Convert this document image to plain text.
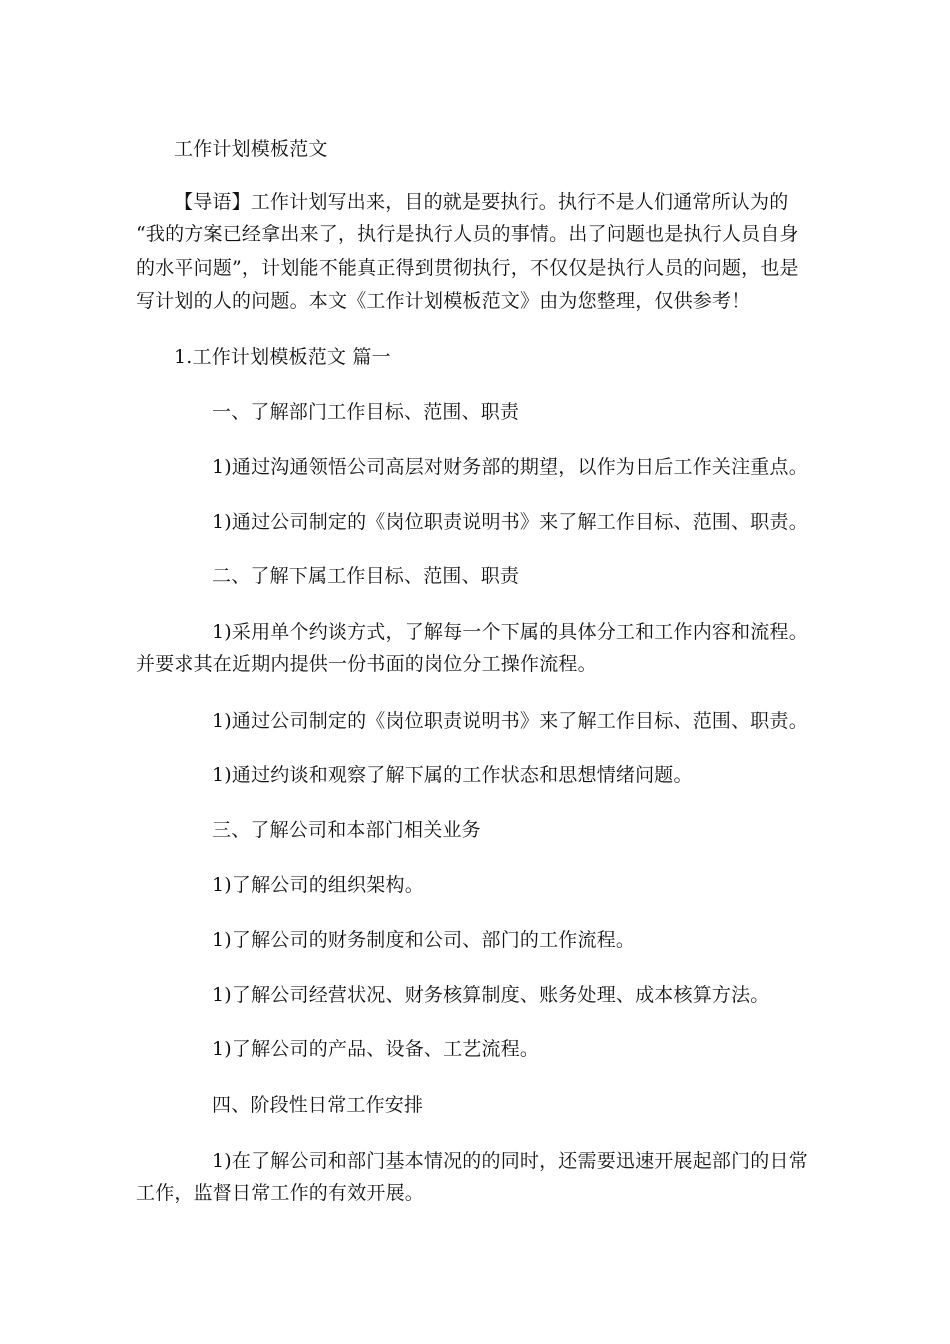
工作计划模板范文
【导语】工作计划写出来，目的就是要执行。执行不是人们通常所认为的
“我的方案已经拿出来了，执行是执行人员的事情。出了问题也是执行人员自身
的水平问题”，计划能不能真正得到贯彻执行，不仅仅是执行人员的问题，也是
写计划的人的问题。本文《工作计划模板范文》由为您整理，仅供参考！
1.工作计划模板范文 篇一
一、了解部门工作目标、范围、职责
1)通过沟通领悟公司高层对财务部的期望，以作为日后工作关注重点。
1)通过公司制定的《岗位职责说明书》来了解工作目标、范围、职责。
二、了解下属工作目标、范围、职责
1)采用单个约谈方式，了解每一个下属的具体分工和工作内容和流程。
并要求其在近期内提供一份书面的岗位分工操作流程。
1)通过公司制定的《岗位职责说明书》来了解工作目标、范围、职责。
1)通过约谈和观察了解下属的工作状态和思想情绪问题。
三、了解公司和本部门相关业务
1)了解公司的组织架构。
1)了解公司的财务制度和公司、部门的工作流程。
1)了解公司经营状况、财务核算制度、账务处理、成本核算方法。
1)了解公司的产品、设备、工艺流程。
四、阶段性日常工作安排
1)在了解公司和部门基本情况的的同时，还需要迅速开展起部门的日常
工作，监督日常工作的有效开展。
